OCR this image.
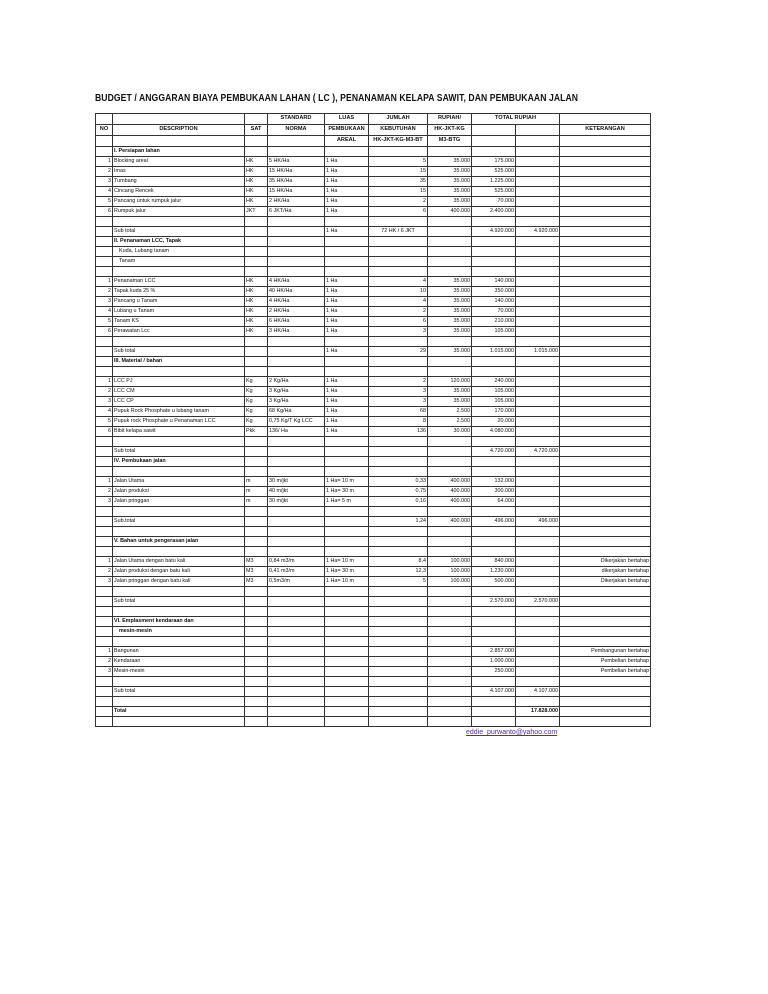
BUDGET / ANGGARAN BIAYA PEMBUKAAN LAHAN ( LC ), PENANAMAN KELAPA SAWIT, DAN PEMBUKAAN JALAN
			STANDARD	LUAS	JUMLAH	RUPIAH/	TOTAL RUPIAH		
NO	DESCRIPTION	SAT	NORMA	PEMBUKAAN	KEBUTUHAN	HK-JKT-KG			KETERANGAN
				AREAL	HK-JKT-KG-M3-BT	M3-BTG			
	I. Persiapan lahan								
1	Blocking areal	HK	5 HK/Ha	1 Ha	5	35.000	175.000		
2	Imas	HK	15 HK/Ha	1 Ha	15	35.000	525.000		
3	Tumbang	HK	35 HK/Ha	1 Ha	35	35.000	1.225.000		
4	Cincang Rencek	HK	15 HK/Ha	1 Ha	15	35.000	525.000		
5	Pancang untuk rumpuk jalur	HK	2 HK/Ha	1 Ha	2	35.000	70.000		
6	Rumpuk jalur	JKT	6 JKT/Ha	1 Ha	6	400.000	2.400.000		

	Sub total			1 Ha	72 HK / 6 JKT		4.920.000	4.920.000	
	II. Penanaman LCC, Tapak								
	Kuda, Lubang tanam								
	Tanam								

1	Penanaman LCC	HK	4 HK/Ha	1 Ha	4	35.000	140.000		
2	Tapak kuda 25 %	HK	40 HK/Ha	1 Ha	10	35.000	350.000		
3	Pancang u Tanam	HK	4 HK/Ha	1 Ha	4	35.000	140.000		
4	Lubang u Tanam	HK	2 HK/Ha	1 Ha	2	35.000	70.000		
5	Tanam KS	HK	6 HK/Ha	1 Ha	6	35.000	210.000		
6	Perawatan Lcc	HK	3 HK/Ha	1 Ha	3	35.000	105.000		

	Sub total			1 Ha	29	35.000	1.015.000	1.015.000	
	III. Material / bahan								

1	LCC PJ	Kg	2 Kg/Ha	1 Ha	2	120.000	240.000		
2	LCC CM	Kg	3 Kg/Ha	1 Ha	3	35.000	105.000		
3	LCC CP	Kg	3 Kg/Ha	1 Ha	3	35.000	105.000		
4	Pupuk Rock Phosphate u lubang tanam	Kg	68 Kg/Ha	1 Ha	68	2.500	170.000		
5	Pupuk rock Phosphate u Penanaman LCC	Kg	0,75 Kg/T Kg LCC	1 Ha	8	2.500	20.000		
6	Bibit kelapa sawit	Pkk	136/ Ha	1 Ha	136	30.000	4.080.000		

	Sub total						4.720.000	4.720.000	
	IV. Pembukaan jalan								

1	Jalan Utama	m	30 m/jkt	1 Ha= 10 m	0,33	400.000	132.000		
2	Jalan produksi	m	40 m/jkt	1 Ha= 30 m	0,75	400.000	300.000		
3	Jalan pringgan	m	30 m/jkt	1 Ha= 5 m	0,16	400.000	64.000		

	Sub.total				1,24	400.000	496.000	496.000	

	V. Bahan untuk pengerasan jalan								

1	Jalan Utama dengan batu kali	M3	0,84 m3/m	1 Ha= 10 m	8,4	100.000	840.000		Dikerjakan bertahap
2	Jalan produksi dengan batu kali	M3	0,41 m3/m	1 Ha= 30 m	12,3	100.000	1.230.000		dikerjakan bertahap
3	Jalan pringgan dengan batu kali	M3	0,5m3/m	1 Ha= 10 m	5	100.000	500.000		Dikerjakan bertahap

	Sub total						2.570.000	2.570.000	

	VI. Emplasment kendaraan dan								
	mesin-mesin								

1	Bangunan						2.857.000		Pembangunan bertahap
2	Kendaraan						1.000.000		Pembelian bertahap
3	Mesin-mesin						250.000		Pembelian bertahap

	Sub total						4.107.000	4.107.000	

	Total							17.828.000	

eddie_purwanto@yahoo.com
